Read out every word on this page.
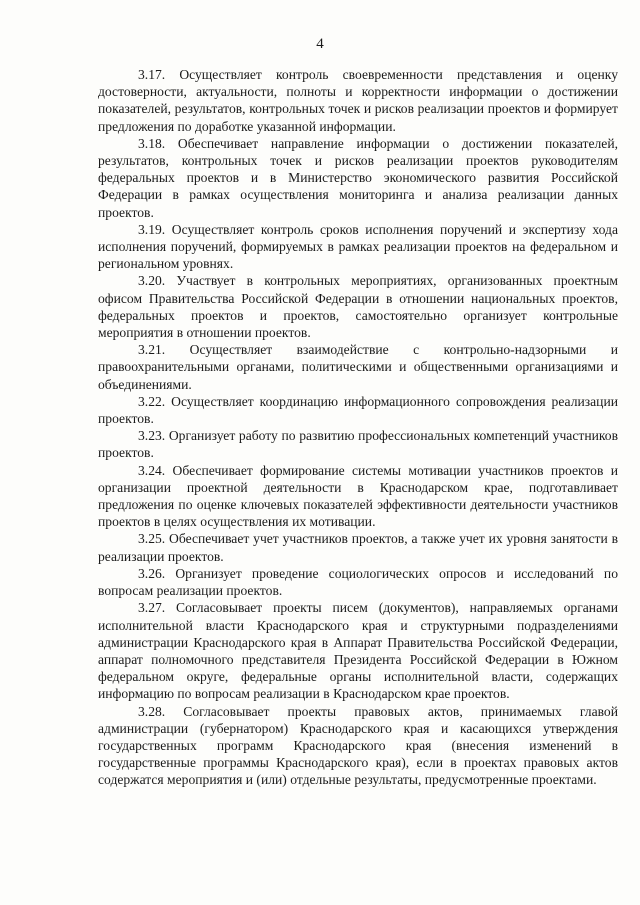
4

3.17. Осуществляет контроль своевременности представления и оценку достоверности, актуальности, полноты и корректности информации о достижении показателей, результатов, контрольных точек и рисков реализации проектов и формирует предложения по доработке указанной информации.

3.18. Обеспечивает направление информации о достижении показателей, результатов, контрольных точек и рисков реализации проектов руководителям федеральных проектов и в Министерство экономического развития Российской Федерации в рамках осуществления мониторинга и анализа реализации данных проектов.

3.19. Осуществляет контроль сроков исполнения поручений и экспертизу хода исполнения поручений, формируемых в рамках реализации проектов на федеральном и региональном уровнях.

3.20. Участвует в контрольных мероприятиях, организованных проектным офисом Правительства Российской Федерации в отношении национальных проектов, федеральных проектов и проектов, самостоятельно организует контрольные мероприятия в отношении проектов.

3.21. Осуществляет взаимодействие с контрольно-надзорными и правоохранительными органами, политическими и общественными организациями и объединениями.

3.22. Осуществляет координацию информационного сопровождения реализации проектов.

3.23. Организует работу по развитию профессиональных компетенций участников проектов.

3.24. Обеспечивает формирование системы мотивации участников проектов и организации проектной деятельности в Краснодарском крае, подготавливает предложения по оценке ключевых показателей эффективности деятельности участников проектов в целях осуществления их мотивации.

3.25. Обеспечивает учет участников проектов, а также учет их уровня занятости в реализации проектов.

3.26. Организует проведение социологических опросов и исследований по вопросам реализации проектов.

3.27. Согласовывает проекты писем (документов), направляемых органами исполнительной власти Краснодарского края и структурными подразделениями администрации Краснодарского края в Аппарат Правительства Российской Федерации, аппарат полномочного представителя Президента Российской Федерации в Южном федеральном округе, федеральные органы исполнительной власти, содержащих информацию по вопросам реализации в Краснодарском крае проектов.

3.28. Согласовывает проекты правовых актов, принимаемых главой администрации (губернатором) Краснодарского края и касающихся утверждения государственных программ Краснодарского края (внесения изменений в государственные программы Краснодарского края), если в проектах правовых актов содержатся мероприятия и (или) отдельные результаты, предусмотренные проектами.
